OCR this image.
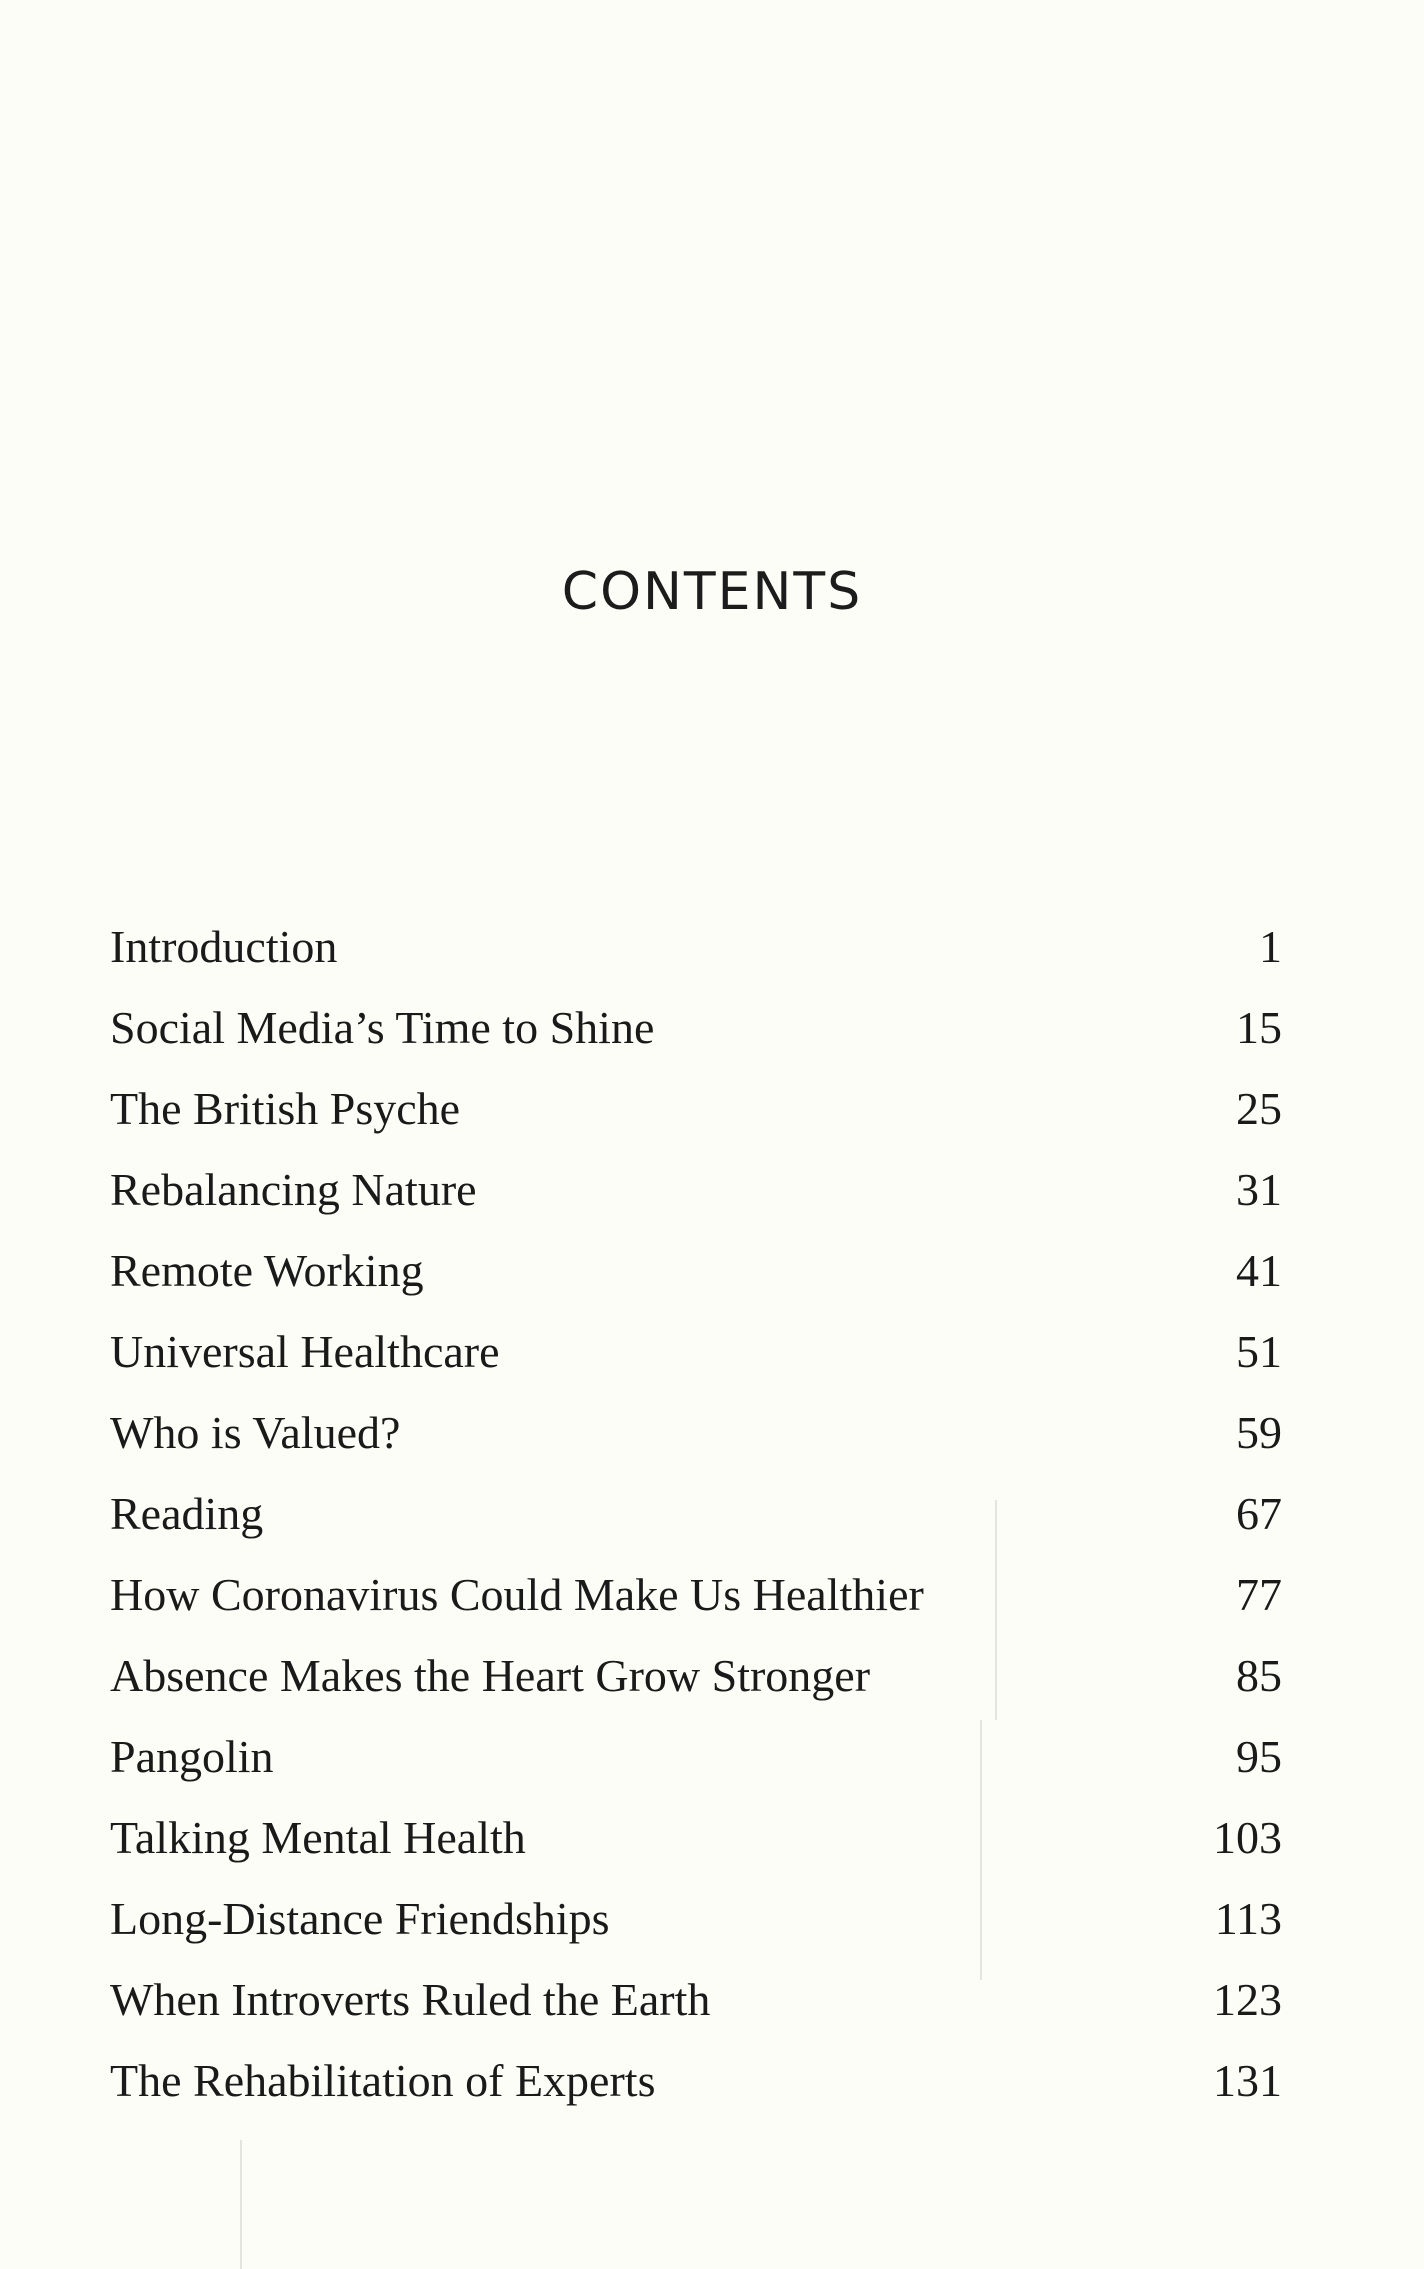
CONTENTS
Introduction	1
Social Media’s Time to Shine	15
The British Psyche	25
Rebalancing Nature	31
Remote Working	41
Universal Healthcare	51
Who is Valued?	59
Reading	67
How Coronavirus Could Make Us Healthier	77
Absence Makes the Heart Grow Stronger	85
Pangolin	95
Talking Mental Health	103
Long-Distance Friendships	113
When Introverts Ruled the Earth	123
The Rehabilitation of Experts	131
